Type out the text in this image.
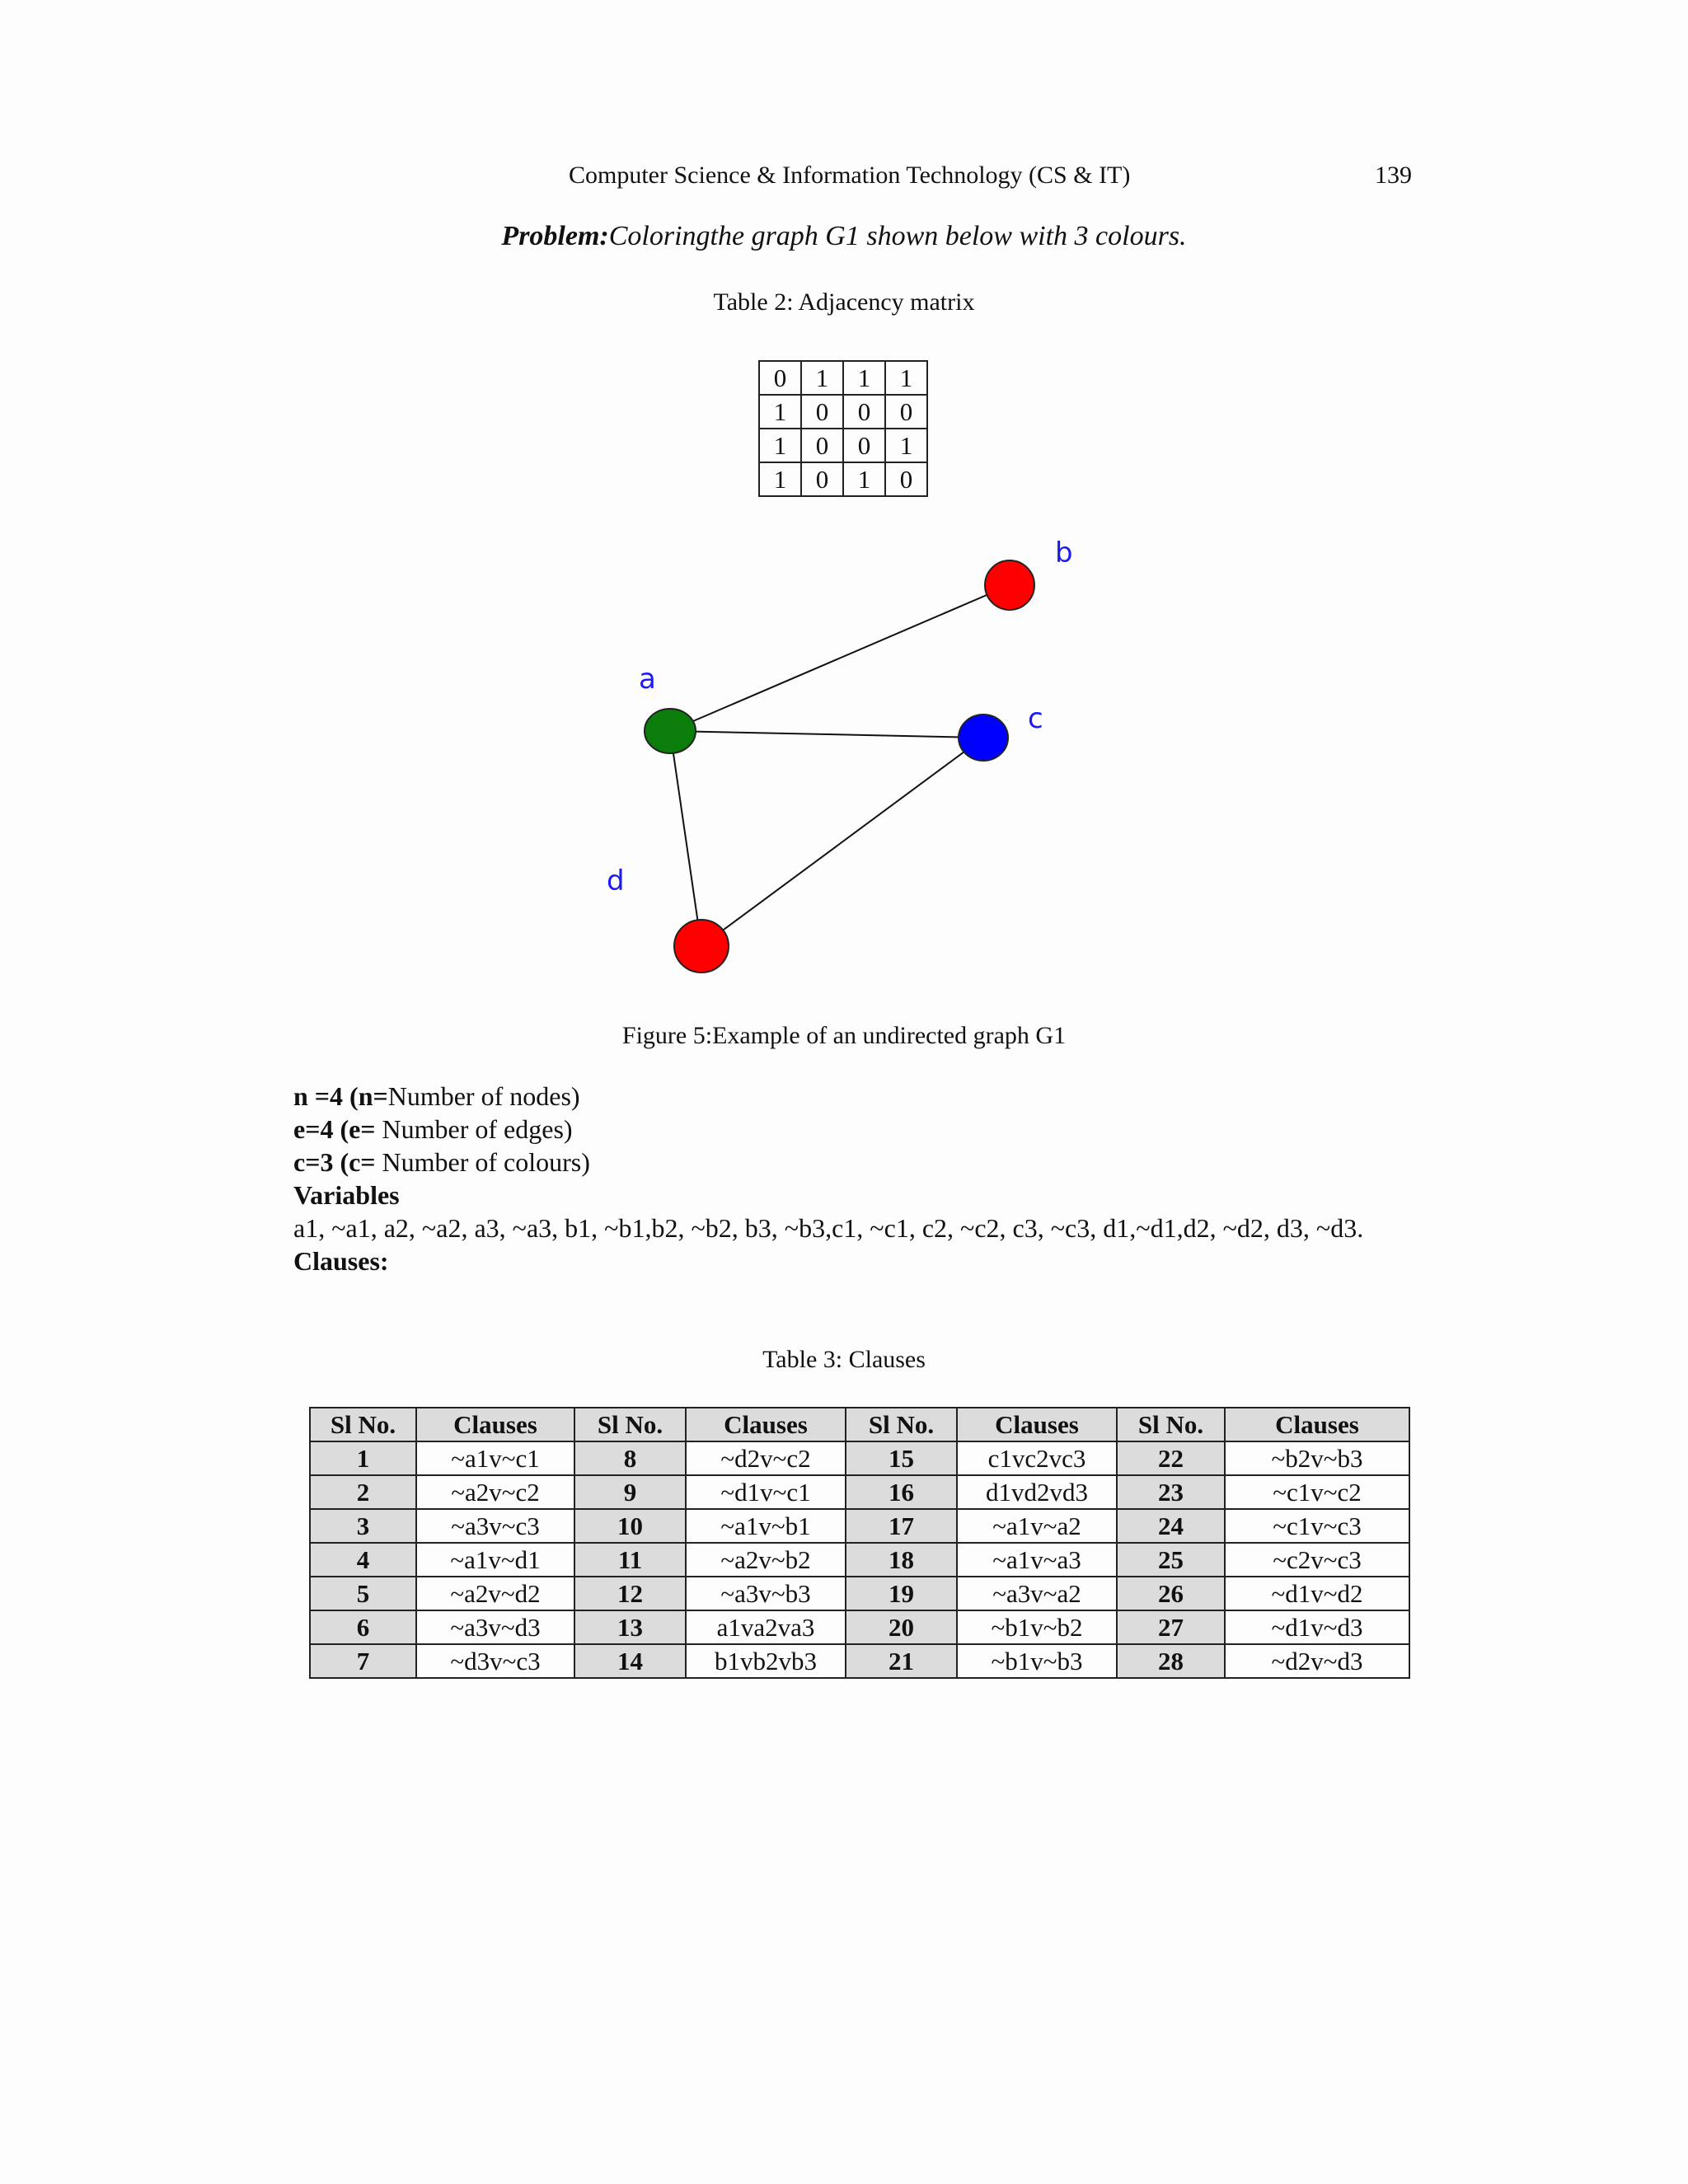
Computer Science & Information Technology (CS & IT)	139
Problem:Coloringthe graph G1 shown below with 3 colours.
Table 2: Adjacency matrix
0	1	1	1
1	0	0	0
1	0	0	1
1	0	1	0
a
b
c
d
Figure 5:Example of an undirected graph G1
n =4 (n=Number of nodes)
e=4 (e= Number of edges)
c=3 (c= Number of colours)
Variables
a1, ~a1, a2, ~a2, a3, ~a3, b1, ~b1,b2, ~b2, b3, ~b3,c1, ~c1, c2, ~c2, c3, ~c3, d1,~d1,d2, ~d2, d3, ~d3.
Clauses:
Table 3: Clauses
Sl No.	Clauses	Sl No.	Clauses	Sl No.	Clauses	Sl No.	Clauses
1	~a1v~c1	8	~d2v~c2	15	c1vc2vc3	22	~b2v~b3
2	~a2v~c2	9	~d1v~c1	16	d1vd2vd3	23	~c1v~c2
3	~a3v~c3	10	~a1v~b1	17	~a1v~a2	24	~c1v~c3
4	~a1v~d1	11	~a2v~b2	18	~a1v~a3	25	~c2v~c3
5	~a2v~d2	12	~a3v~b3	19	~a3v~a2	26	~d1v~d2
6	~a3v~d3	13	a1va2va3	20	~b1v~b2	27	~d1v~d3
7	~d3v~c3	14	b1vb2vb3	21	~b1v~b3	28	~d2v~d3
